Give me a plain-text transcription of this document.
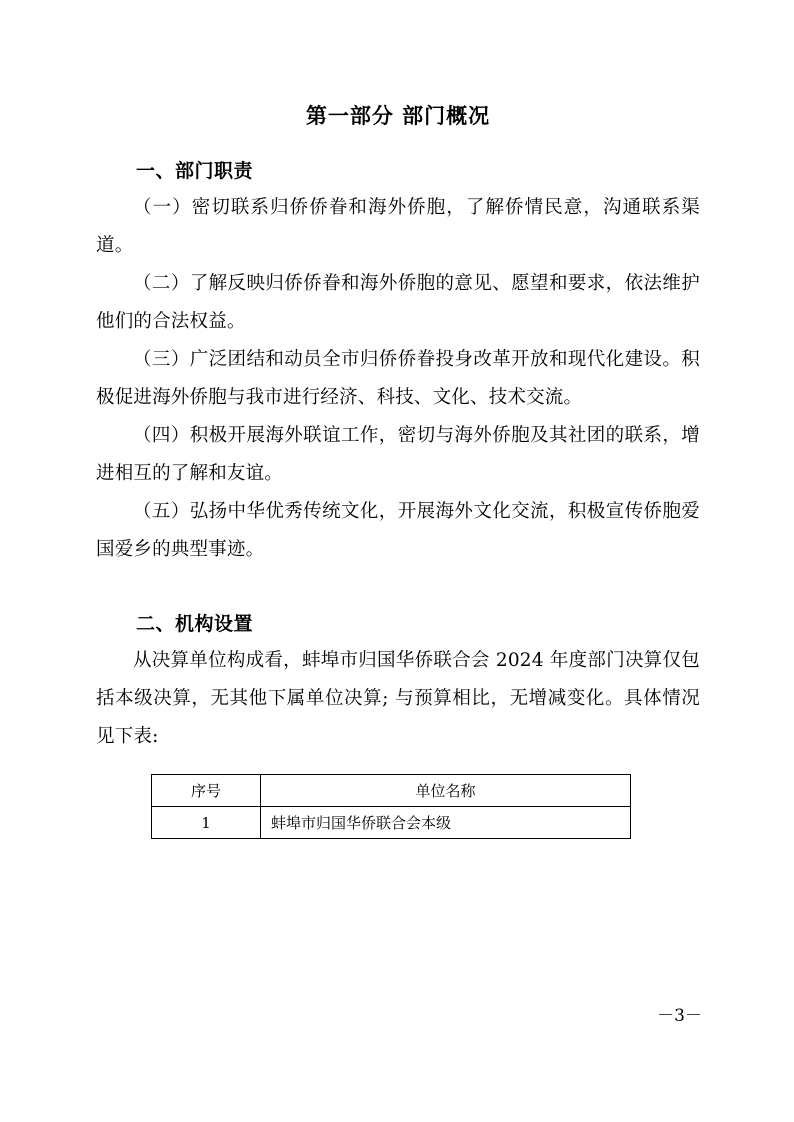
第一部分 部门概况
一、部门职责

（一）密切联系归侨侨眷和海外侨胞，了解侨情民意，沟通联系渠道。

（二）了解反映归侨侨眷和海外侨胞的意见、愿望和要求，依法维护他们的合法权益。

（三）广泛团结和动员全市归侨侨眷投身改革开放和现代化建设。积极促进海外侨胞与我市进行经济、科技、文化、技术交流。

（四）积极开展海外联谊工作，密切与海外侨胞及其社团的联系，增进相互的了解和友谊。

（五）弘扬中华优秀传统文化，开展海外文化交流，积极宣传侨胞爱国爱乡的典型事迹。

二、机构设置

从决算单位构成看，蚌埠市归国华侨联合会 2024 年度部门决算仅包括本级决算，无其他下属单位决算; 与预算相比，无增减变化。具体情况见下表:

序号	单位名称
1	蚌埠市归国华侨联合会本级
－3－
